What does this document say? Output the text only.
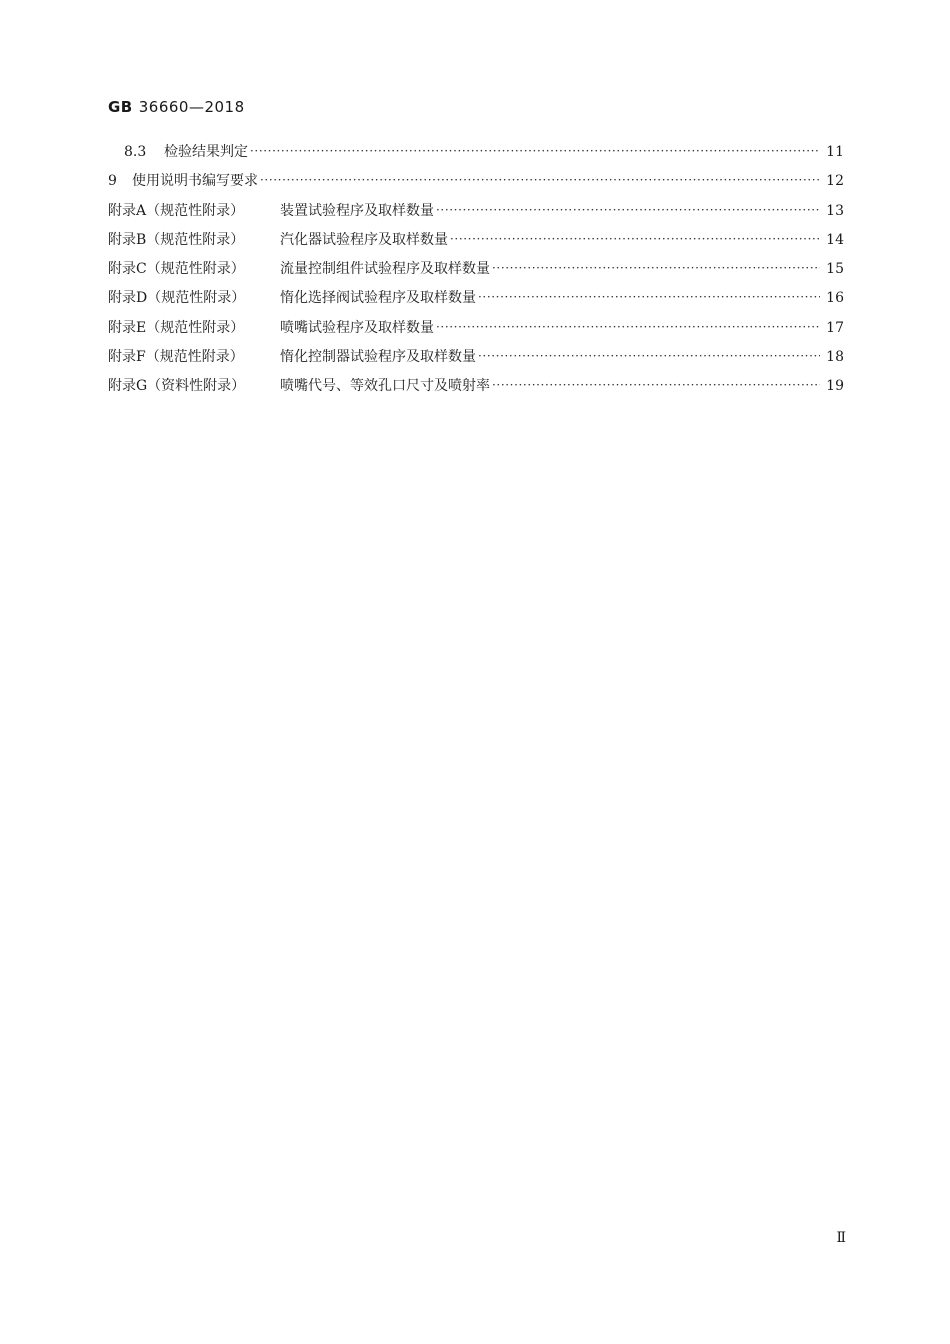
GB 36660—2018
8.3	检验结果判定 ·····	11
9	使用说明书编写要求 ·····	12
附录A（规范性附录）	装置试验程序及取样数量 ·····	13
附录B（规范性附录）	汽化器试验程序及取样数量 ·····	14
附录C（规范性附录）	流量控制组件试验程序及取样数量 ·····	15
附录D（规范性附录）	惰化选择阀试验程序及取样数量 ·····	16
附录E（规范性附录）	喷嘴试验程序及取样数量 ·····	17
附录F（规范性附录）	惰化控制器试验程序及取样数量 ·····	18
附录G（资料性附录）	喷嘴代号、等效孔口尺寸及喷射率 ·····	19
Ⅱ
